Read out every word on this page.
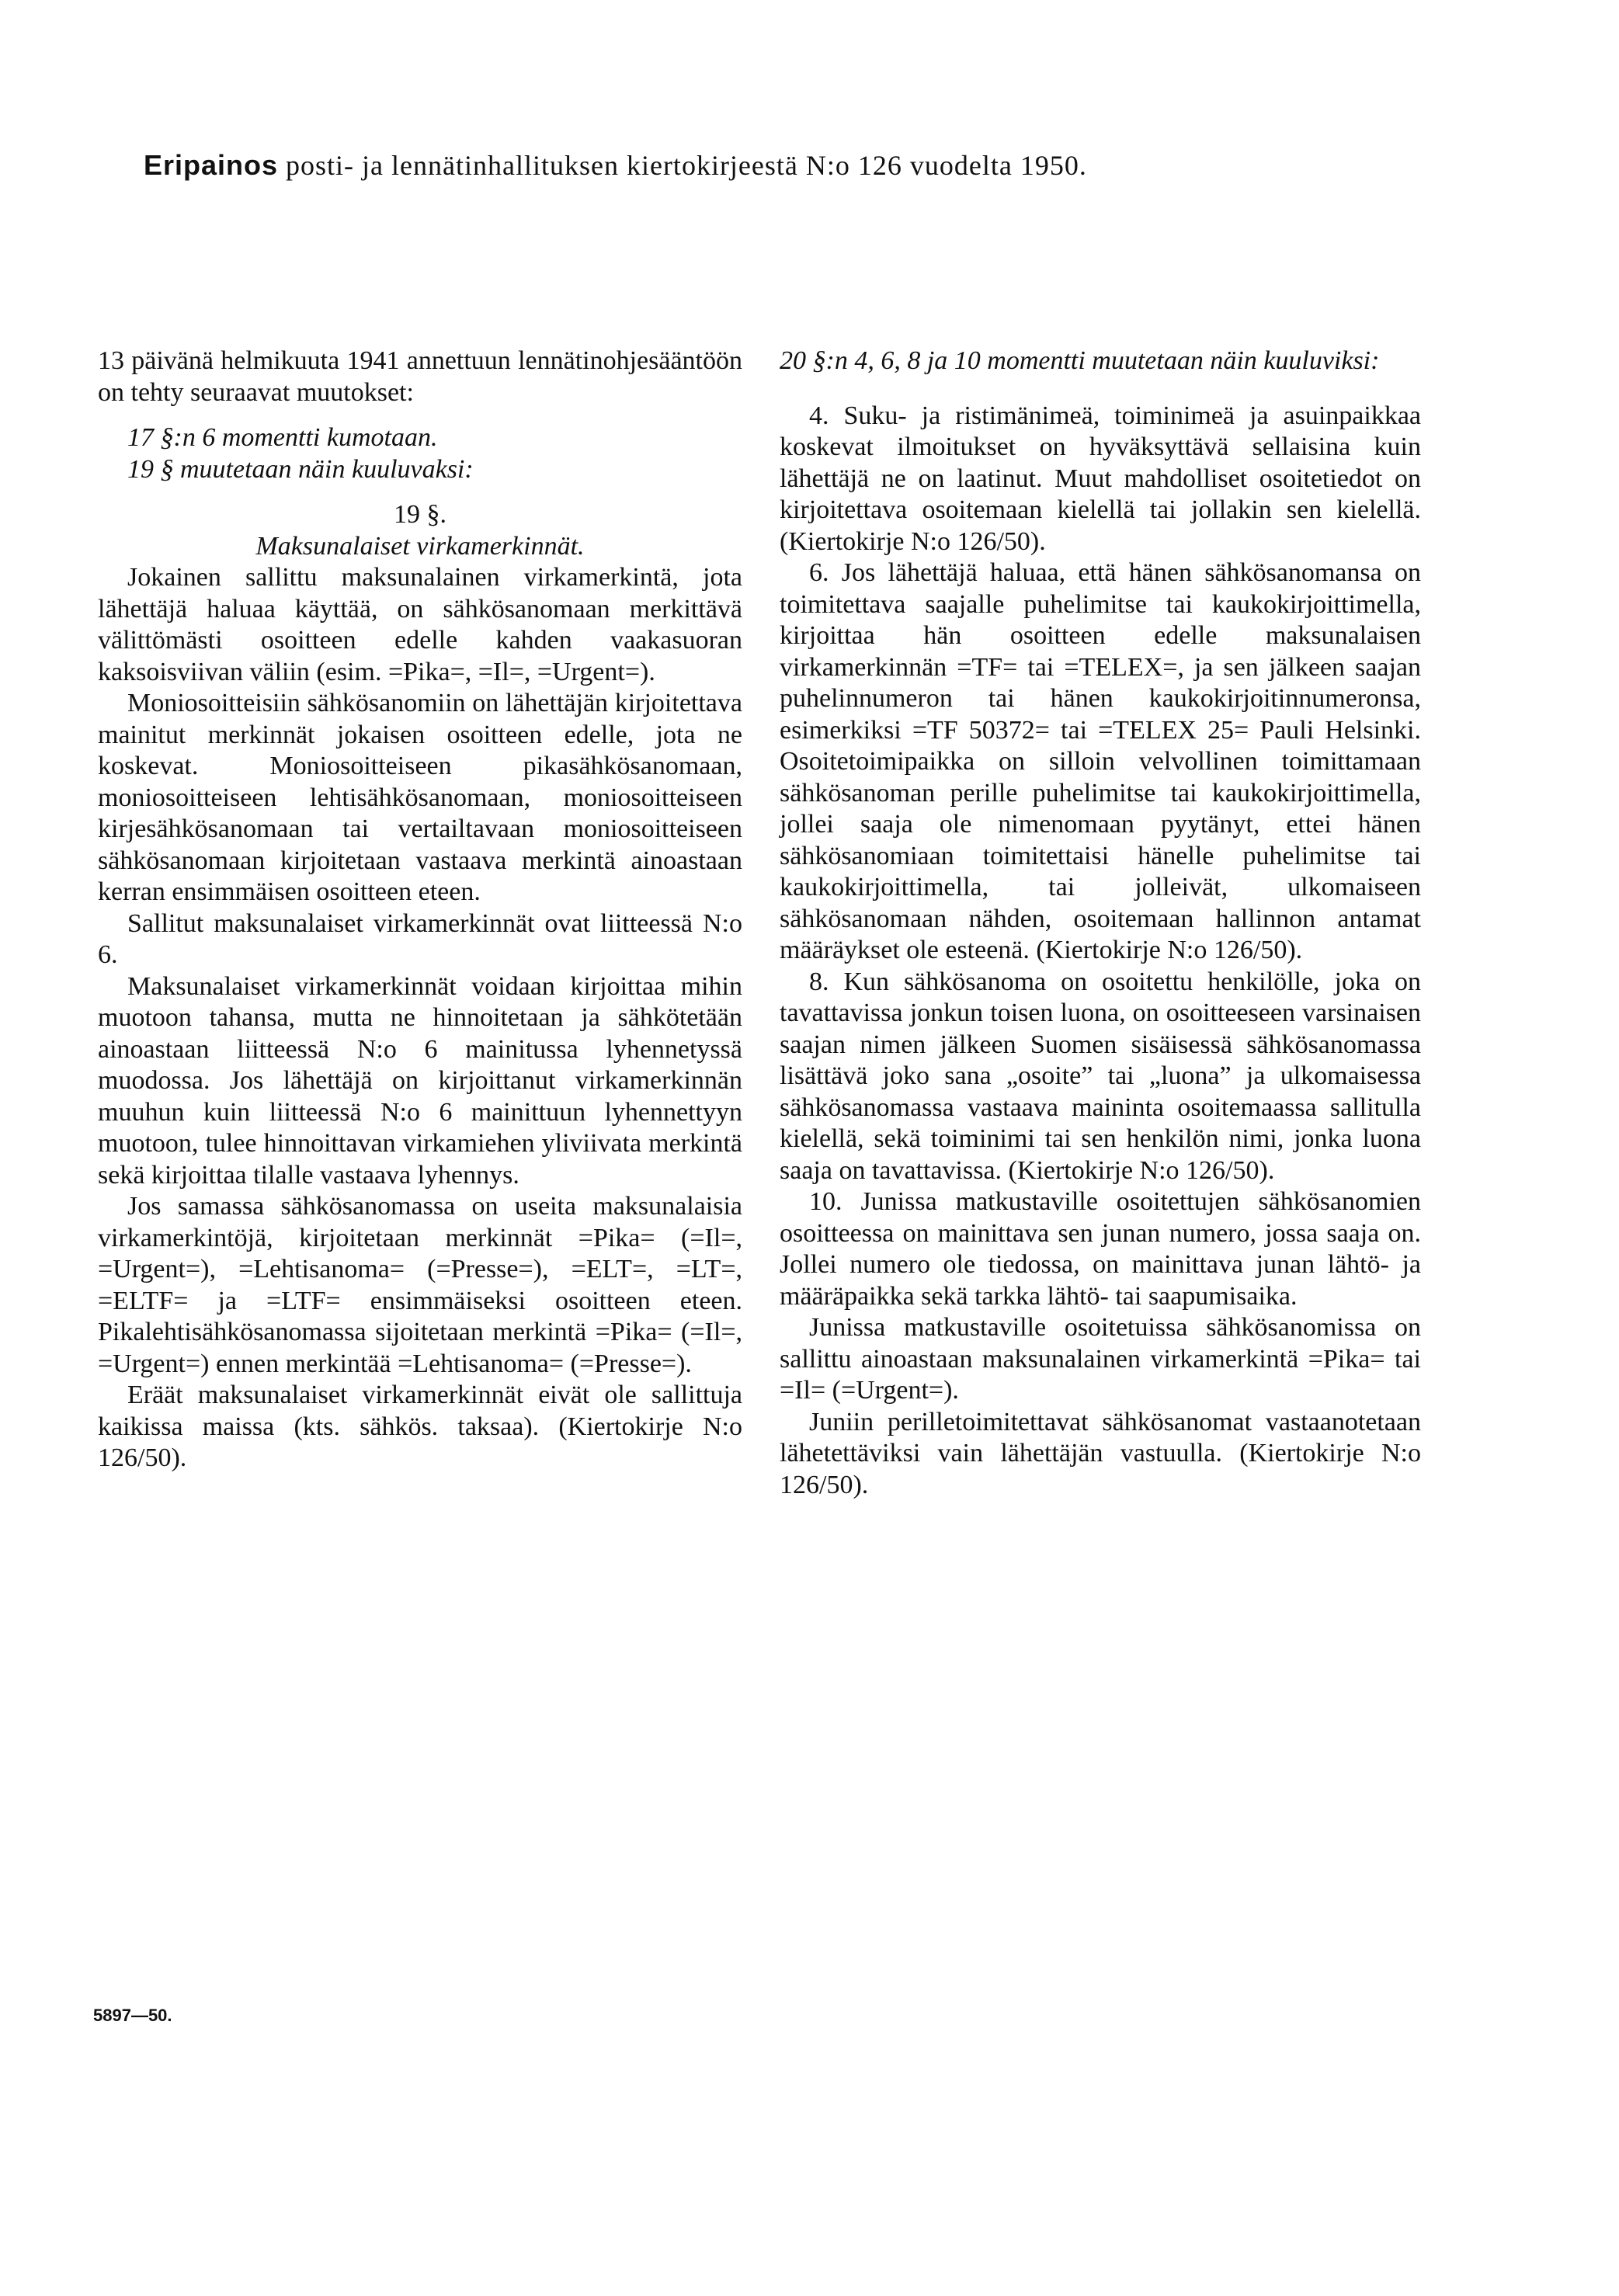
Eripainos posti- ja lennätinhallituksen kiertokirjeestä N:o 126 vuodelta 1950.

13 päivänä helmikuuta 1941 annettuun lennätinohjesääntöön on tehty seuraavat muutokset:

17 §:n 6 momentti kumotaan.

19 § muutetaan näin kuuluvaksi:

19 §.

Maksunalaiset virkamerkinnät.

Jokainen sallittu maksunalainen virkamerkintä, jota lähettäjä haluaa käyttää, on sähkösanomaan merkittävä välittömästi osoitteen edelle kahden vaakasuoran kaksoisviivan väliin (esim. =Pika=, =Il=, =Urgent=).

Moniosoitteisiin sähkösanomiin on lähettäjän kirjoitettava mainitut merkinnät jokaisen osoitteen edelle, jota ne koskevat. Moniosoitteiseen pikasähkösanomaan, moniosoitteiseen lehtisähkösanomaan, moniosoitteiseen kirjesähkösanomaan tai vertailtavaan moniosoitteiseen sähkösanomaan kirjoitetaan vastaava merkintä ainoastaan kerran ensimmäisen osoitteen eteen.

Sallitut maksunalaiset virkamerkinnät ovat liitteessä N:o 6.

Maksunalaiset virkamerkinnät voidaan kirjoittaa mihin muotoon tahansa, mutta ne hinnoitetaan ja sähkötetään ainoastaan liitteessä N:o 6 mainitussa lyhennetyssä muodossa. Jos lähettäjä on kirjoittanut virkamerkinnän muuhun kuin liitteessä N:o 6 mainittuun lyhennettyyn muotoon, tulee hinnoittavan virkamiehen yliviivata merkintä sekä kirjoittaa tilalle vastaava lyhennys.

Jos samassa sähkösanomassa on useita maksunalaisia virkamerkintöjä, kirjoitetaan merkinnät =Pika= (=Il=, =Urgent=), =Lehtisanoma= (=Presse=), =ELT=, =LT=, =ELTF= ja =LTF= ensimmäiseksi osoitteen eteen. Pikalehtisähkösanomassa sijoitetaan merkintä =Pika= (=Il=, =Urgent=) ennen merkintää =Lehtisanoma= (=Presse=).

Eräät maksunalaiset virkamerkinnät eivät ole sallittuja kaikissa maissa (kts. sähkös. taksaa). (Kiertokirje N:o 126/50).

20 §:n 4, 6, 8 ja 10 momentti muutetaan näin kuuluviksi:

4. Suku- ja ristimänimeä, toiminimeä ja asuinpaikkaa koskevat ilmoitukset on hyväksyttävä sellaisina kuin lähettäjä ne on laatinut. Muut mahdolliset osoitetiedot on kirjoitettava osoitemaan kielellä tai jollakin sen kielellä. (Kiertokirje N:o 126/50).

6. Jos lähettäjä haluaa, että hänen sähkösanomansa on toimitettava saajalle puhelimitse tai kaukokirjoittimella, kirjoittaa hän osoitteen edelle maksunalaisen virkamerkinnän =TF= tai =TELEX=, ja sen jälkeen saajan puhelinnumeron tai hänen kaukokirjoitinnumeronsa, esimerkiksi =TF 50372= tai =TELEX 25= Pauli Helsinki. Osoitetoimipaikka on silloin velvollinen toimittamaan sähkösanoman perille puhelimitse tai kaukokirjoittimella, jollei saaja ole nimenomaan pyytänyt, ettei hänen sähkösanomiaan toimitettaisi hänelle puhelimitse tai kaukokirjoittimella, tai jolleivät, ulkomaiseen sähkösanomaan nähden, osoitemaan hallinnon antamat määräykset ole esteenä. (Kiertokirje N:o 126/50).

8. Kun sähkösanoma on osoitettu henkilölle, joka on tavattavissa jonkun toisen luona, on osoitteeseen varsinaisen saajan nimen jälkeen Suomen sisäisessä sähkösanomassa lisättävä joko sana „osoite” tai „luona” ja ulkomaisessa sähkösanomassa vastaava maininta osoitemaassa sallitulla kielellä, sekä toiminimi tai sen henkilön nimi, jonka luona saaja on tavattavissa. (Kiertokirje N:o 126/50).

10. Junissa matkustaville osoitettujen sähkösanomien osoitteessa on mainittava sen junan numero, jossa saaja on. Jollei numero ole tiedossa, on mainittava junan lähtö- ja määräpaikka sekä tarkka lähtö- tai saapumisaika.

Junissa matkustaville osoitetuissa sähkösanomissa on sallittu ainoastaan maksunalainen virkamerkintä =Pika= tai =Il= (=Urgent=).

Juniin perilletoimitettavat sähkösanomat vastaanotetaan lähetettäviksi vain lähettäjän vastuulla. (Kiertokirje N:o 126/50).

5897—50.
